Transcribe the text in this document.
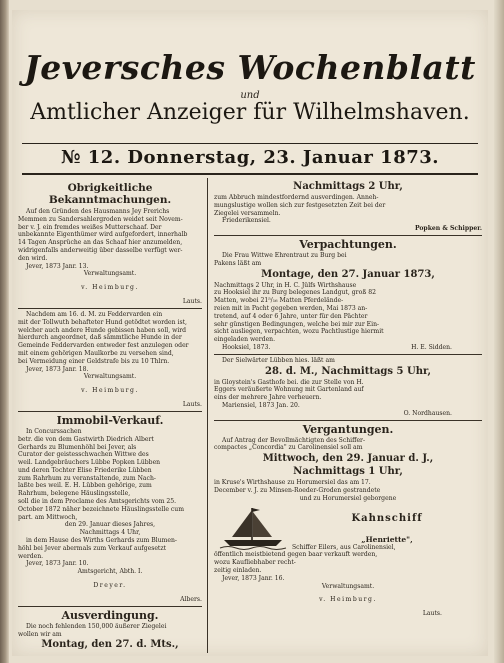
Jeversches Wochenblatt
und
Amtlicher Anzeiger für Wilhelmshaven.
№ 12. Donnerstag, 23. Januar 1873.

Obrigkeitliche Bekanntmachungen.

Auf den Gründen des Hausmanns Jey Frerichs

Memmen zu Sandersahlergroden weidet seit Novem-

ber v. J. ein fremdes weißes Mutterschaaf. Der

unbekannte Eigenthümer wird aufgefordert, innerhalb

14 Tagen Ansprüche an das Schaaf hier anzumelden,

widrigenfalls anderweitig über dasselbe verfügt wer-

den wird.

Jever, 1873 Janr. 13.

Verwaltungsamt.

v. Heimburg.

Lauts.

Nachdem am 16. d. M. zu Feddervarden ein

mit der Tollwuth behafteter Hund getödtet worden ist,

welcher auch andere Hunde gebissen haben soll, wird

hierdurch angeordnet, daß sämmtliche Hunde in der

Gemeinde Feddervarden entweder fest anzulegen oder

mit einem gehörigen Maulkorbe zu versehen sind,

bei Vermeidung einer Geldstrafe bis zu 10 Thlrn.

Jever, 1873 Janr. 18.

Verwaltungsamt.

v. Heimburg.

Lauts.

Immobil-Verkauf.

In Concurssachen

betr. die von dem Gastwirth Diedrich Albert

Gerhards zu Blumenhöhl bei Jever, als

Curator der geistesschwachen Wittwe des

weil. Landgebräuchers Lübbe Popken Lübben

und deren Tochter Elise Friederike Lübben

zum Rahrhum zu veranstaltende, zum Nach-

laßte bes weil. E. H. Lübben gehörige, zum

Rahrhum, belegene Häuslingsstelle,

soll die in dem Proclame des Amtsgerichts vom 25.

October 1872 näher bezeichnete Häuslingsstelle cum

part. am Mittwoch,

den 29. Januar dieses Jahres,

Nachmittags 4 Uhr,

in dem Hause des Wirths Gerhards zum Blumen-

höhl bei Jever abermals zum Verkauf aufgesetzt

werden.

Jever, 1873 Janr. 10.

Amtsgericht, Abth. I.

Dreyer.

Albers.

Ausverdingung.

Die noch fehlenden 150,000 äußerer Ziegelei

wollen wir am

Montag, den 27. d. Mts.,

Nachmittags 2 Uhr,

zum Abbruch mindestfordernd ausverdingen. Anneh-

mungslustige wollen sich zur festgesetzten Zeit bei der

Ziegelei versammeln.

Friederikensiel.

Popken & Schipper.

Verpachtungen.

Die Frau Wittwe Ehrentraut zu Burg bei

Pakens läßt am

Montage, den 27. Januar 1873,

Nachmittags 2 Uhr, in H. C. Jülfs Wirthshause

zu Hooksiel ihr zu Burg belegenes Landgut, groß 82

Matten, wobei 21⁵/₁₆ Matten Pferdelände-

reien mit in Pacht gegeben werden, Mai 1873 an-

tretend, auf 4 oder 6 Jahre, unter für den Pächter

sehr günstigen Bedingungen, welche bei mir zur Ein-

sicht ausliegen, verpachten, wozu Pachtlustige hiermit

eingeladen werden.

Hooksiel, 1873.	H. E. Sidden.

Der Sielwärter Lübben hies. läßt am

28. d. M., Nachmittags 5 Uhr,

in Gloystein's Gasthofe bei. die zur Stelle von H.

Eggers veräußerte Wohnung mit Gartenland auf

eins der mehrere Jahre verheuern.

Mariensiel, 1873 Jan. 20.

O. Nordhausen.

Vergantungen.

Auf Antrag der Bevollmächtigten des Schiffer-

compactes „Concordia" zu Carolinensiel soll am

Mittwoch, den 29. Januar d. J.,

Nachmittags 1 Uhr,

in Kruse's Wirthshause zu Horumersiel das am 17.

December v. J. zu Minsen-Roeder-Groden gestrandete

und zu Horumersiel geborgene

Kahnschiff

„Henriette",

Schiffer Eilers, aus Carolinensiel,

öffentlich meistbietend gegen baar verkauft werden,

wozu Kaufliebhaber recht-

zeitig einladen.

Jever, 1873 Janr. 16.

Verwaltungsamt.

v. Heimburg.

Lauts.
